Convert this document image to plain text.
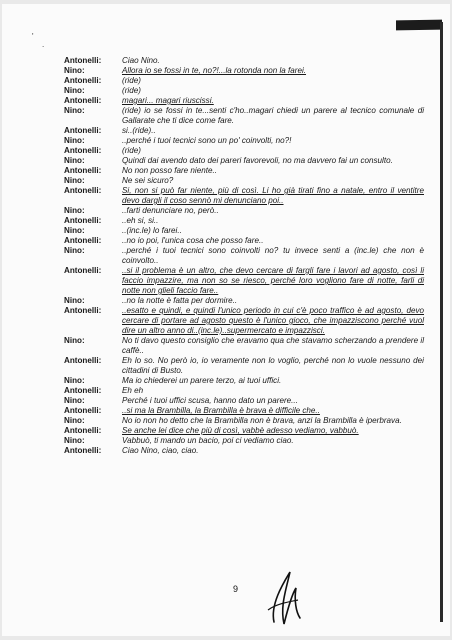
'
.
Antonelli:	Ciao Nino.
Nino:	Allora io se fossi in te, no?!...la rotonda non la farei.
Antonelli:	(ride)
Nino:	(ride)
Antonelli:	magari... magari riuscissi.
Nino:	(ride) io se fossi in te...senti c'ho..magari chiedi un parere al tecnico comunale di Gallarate che ti dice come fare.
Antonelli:	si..(ride)..
Nino:	..perché i tuoi tecnici sono un po' coinvolti, no?!
Antonelli:	(ride)
Nino:	Quindi dai avendo dato dei pareri favorevoli, no ma davvero fai un consulto.
Antonelli:	No non posso fare niente..
Nino:	Ne sei sicuro?
Antonelli:	Si, non si può far niente, più di così. Li ho già tirati fino a natale, entro il ventitre devo dargli il coso sennò mi denunciano poi..
Nino:	..farti denunciare no, però..
Antonelli:	..eh si, si..
Nino:	..(inc.le) lo farei..
Antonelli:	..no io poi, l'unica cosa che posso fare..
Nino:	..perché i tuoi tecnici sono coinvolti no? tu invece senti a (inc.le) che non è coinvolto..
Antonelli:	..si il problema è un altro, che devo cercare di fargli fare i lavori ad agosto, così li faccio impazzire, ma non so se riesco, perché loro vogliono fare di notte, farli di notte non glieli faccio fare..
Nino:	..no la notte è fatta per dormire..
Antonelli:	..esatto e quindi, e quindi l'unico periodo in cui c'è poco traffico è ad agosto, devo cercare di portare ad agosto questo è l'unico gioco, che impazziscono perché vuol dire un altro anno di..(inc.le)..supermercato e impazzisci.
Nino:	No ti davo questo consiglio che eravamo qua che stavamo scherzando a prendere il caffè..
Antonelli:	Eh lo so. No però io, io veramente non lo voglio, perché non lo vuole nessuno dei cittadini di Busto.
Nino:	Ma io chiederei un parere terzo, ai tuoi uffici.
Antonelli:	Eh eh
Nino:	Perché i tuoi uffici scusa, hanno dato un parere...
Antonelli:	..si ma la Brambilla, la Brambilla è brava è difficile che..
Nino:	No io non ho detto che la Brambilla non è brava, anzi la Brambilla è iperbrava.
Antonelli:	Se anche lei dice che più di così, vabbè adesso vediamo, vabbuò.
Nino:	Vabbuò, ti mando un bacio, poi ci vediamo ciao.
Antonelli:	Ciao Nino, ciao, ciao.
9
